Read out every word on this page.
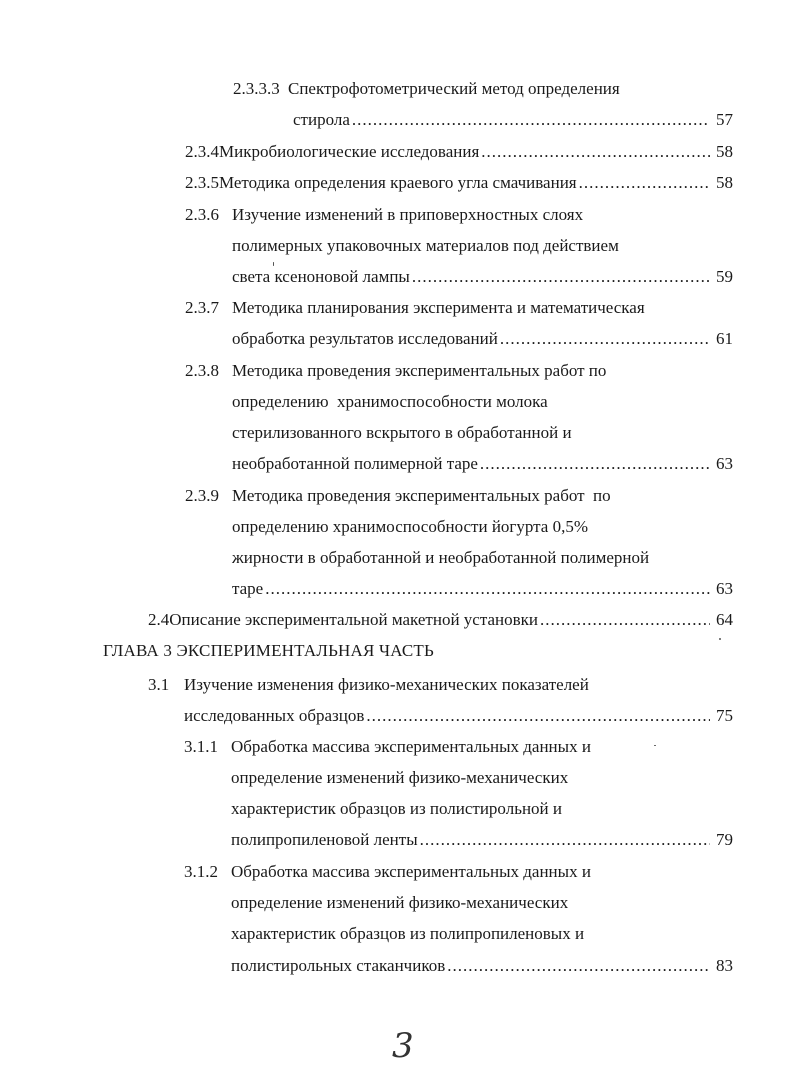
2.3.3.3 Спектрофотометрический метод определения
стирола .....	57
2.3.4 Микробиологические исследования .....	58
2.3.5 Методика определения краевого угла смачивания .....	58
2.3.6 Изучение изменений в приповерхностных слоях
полимерных упаковочных материалов под действием
света ксеноновой лампы .....	59
2.3.7 Методика планирования эксперимента и математическая
обработка результатов исследований .....	61
2.3.8 Методика проведения экспериментальных работ по
определению  хранимоспособности молока
стерилизованного вскрытого в обработанной и
необработанной полимерной таре .....	63
2.3.9 Методика проведения экспериментальных работ  по
определению хранимоспособности йогурта 0,5%
жирности в обработанной и необработанной полимерной
таре .....	63
2.4 Описание экспериментальной макетной установки .....	64
ГЛАВА 3 ЭКСПЕРИМЕНТАЛЬНАЯ ЧАСТЬ
3.1 Изучение изменения физико-механических показателей
исследованных образцов .....	75
3.1.1 Обработка массива экспериментальных данных и
определение изменений физико-механических
характеристик образцов из полистирольной и
полипропиленовой ленты .....	79
3.1.2 Обработка массива экспериментальных данных и
определение изменений физико-механических
характеристик образцов из полипропиленовых и
полистирольных стаканчиков .....	83
3
